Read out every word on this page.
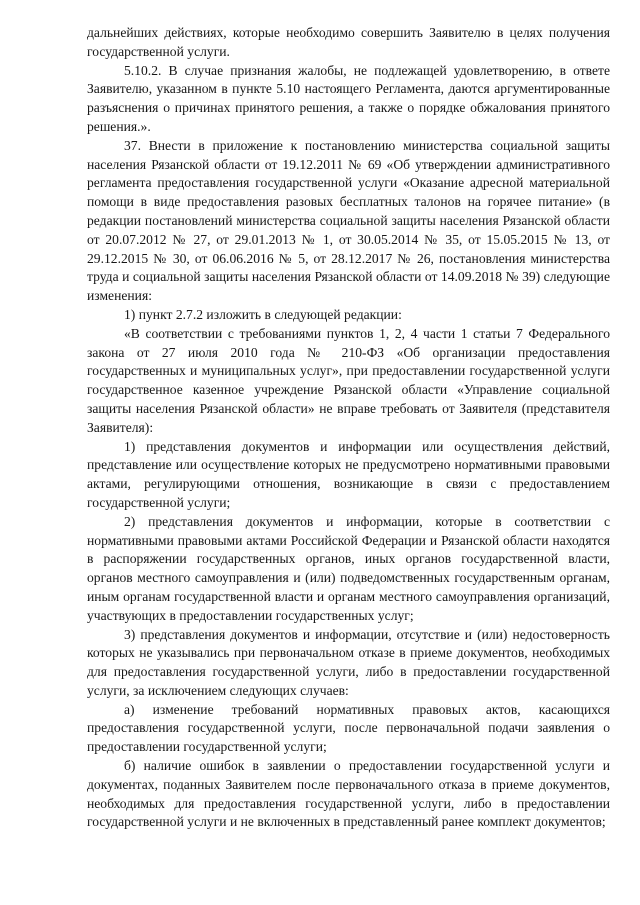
дальнейших действиях, которые необходимо совершить Заявителю в целях получения государственной услуги.

5.10.2. В случае признания жалобы, не подлежащей удовлетворению, в ответе Заявителю, указанном в пункте 5.10 настоящего Регламента, даются аргументированные разъяснения о причинах принятого решения, а также о порядке обжалования принятого решения.».

37. Внести в приложение к постановлению министерства социальной защиты населения Рязанской области от 19.12.2011 № 69 «Об утверждении административного регламента предоставления государственной услуги «Оказание адресной материальной помощи в виде предоставления разовых бесплатных талонов на горячее питание» (в редакции постановлений министерства социальной защиты населения Рязанской области от 20.07.2012 № 27, от 29.01.2013 № 1, от 30.05.2014 № 35, от 15.05.2015 № 13, от 29.12.2015 № 30, от 06.06.2016 № 5, от 28.12.2017 № 26, постановления министерства труда и социальной защиты населения Рязанской области от 14.09.2018 № 39) следующие изменения:

1) пункт 2.7.2 изложить в следующей редакции:

«В соответствии с требованиями пунктов 1, 2, 4 части 1 статьи 7 Федерального закона от 27 июля 2010 года № 210-ФЗ «Об организации предоставления государственных и муниципальных услуг», при предоставлении государственной услуги государственное казенное учреждение Рязанской области «Управление социальной защиты населения Рязанской области» не вправе требовать от Заявителя (представителя Заявителя):

1) представления документов и информации или осуществления действий, представление или осуществление которых не предусмотрено нормативными правовыми актами, регулирующими отношения, возникающие в связи с предоставлением государственной услуги;

2) представления документов и информации, которые в соответствии с нормативными правовыми актами Российской Федерации и Рязанской области находятся в распоряжении государственных органов, иных органов государственной власти, органов местного самоуправления и (или) подведомственных государственным органам, иным органам государственной власти и органам местного самоуправления организаций, участвующих в предоставлении государственных услуг;

3) представления документов и информации, отсутствие и (или) недостоверность которых не указывались при первоначальном отказе в приеме документов, необходимых для предоставления государственной услуги, либо в предоставлении государственной услуги, за исключением следующих случаев:

а) изменение требований нормативных правовых актов, касающихся предоставления государственной услуги, после первоначальной подачи заявления о предоставлении государственной услуги;

б) наличие ошибок в заявлении о предоставлении государственной услуги и документах, поданных Заявителем после первоначального отказа в приеме документов, необходимых для предоставления государственной услуги, либо в предоставлении государственной услуги и не включенных в представленный ранее комплект документов;
